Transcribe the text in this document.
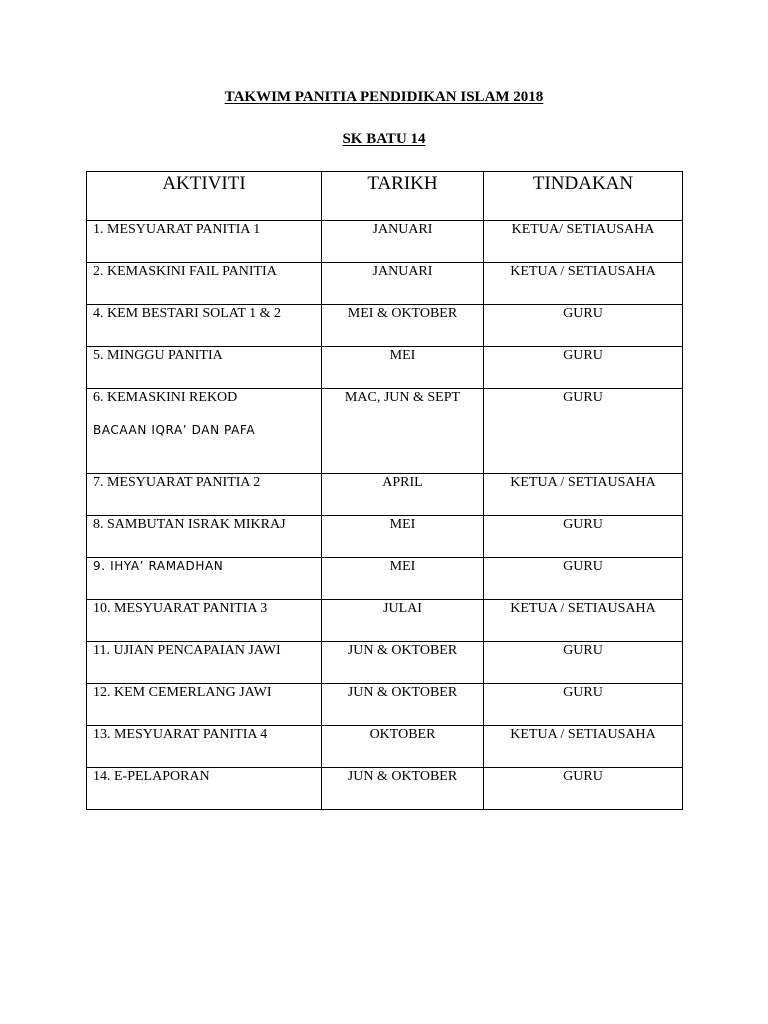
TAKWIM PANITIA PENDIDIKAN ISLAM 2018
SK BATU 14
AKTIVITI	TARIKH	TINDAKAN
1. MESYUARAT PANITIA 1	JANUARI	KETUA/ SETIAUSAHA
2. KEMASKINI FAIL PANITIA	JANUARI	KETUA / SETIAUSAHA
4. KEM BESTARI SOLAT 1 & 2	MEI & OKTOBER	GURU
5. MINGGU PANITIA	MEI	GURU
6. KEMASKINI REKOD
BACAAN IQRA’ DAN PAFA	MAC, JUN & SEPT	GURU
7. MESYUARAT PANITIA 2	APRIL	KETUA / SETIAUSAHA
8. SAMBUTAN ISRAK MIKRAJ	MEI	GURU
9. IHYA’ RAMADHAN	MEI	GURU
10. MESYUARAT PANITIA 3	JULAI	KETUA / SETIAUSAHA
11. UJIAN PENCAPAIAN JAWI	JUN & OKTOBER	GURU
12. KEM CEMERLANG JAWI	JUN & OKTOBER	GURU
13. MESYUARAT PANITIA 4	OKTOBER	KETUA / SETIAUSAHA
14. E-PELAPORAN	JUN & OKTOBER	GURU
